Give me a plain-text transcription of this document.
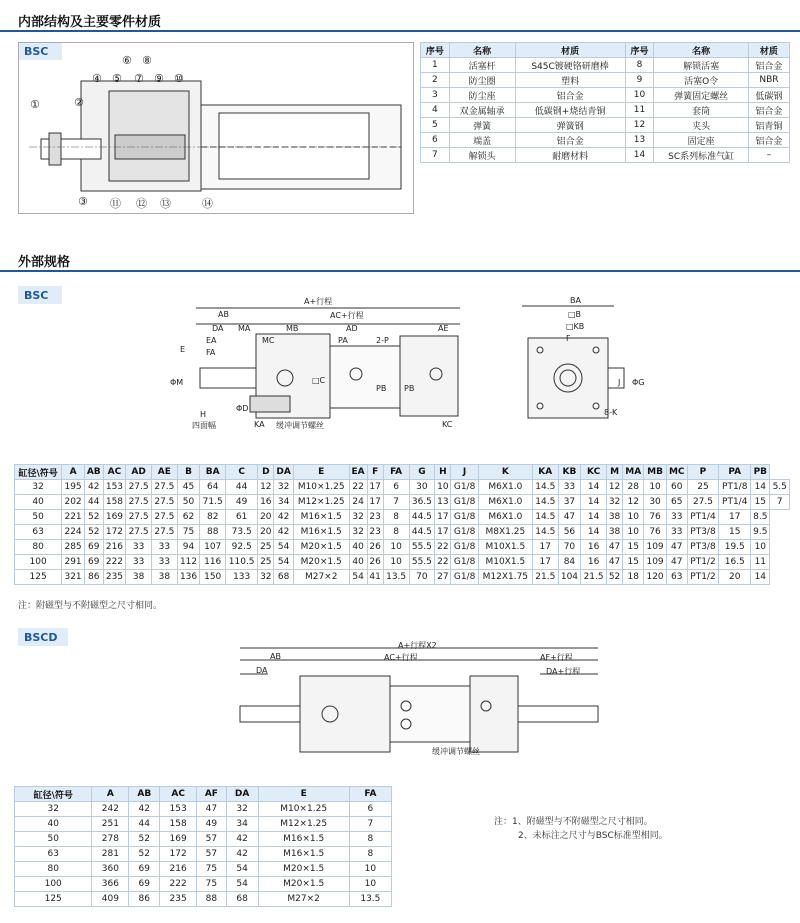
内部结构及主要零件材质
BSC
①	②
③
④ ⑤
⑥
⑦
⑧
⑨ ⑩
⑪ ⑫ ⑬	⑭
序号	名称	材质	序号	名称	材质
1	活塞杆	S45C镀硬铬研磨棒	8	解锁活塞	铝合金
2	防尘圈	塑料	9	活塞O令	NBR
3	防尘座	铝合金	10	弹簧固定螺丝	低碳钢
4	双金属轴承	低碳钢+烧结青铜	11	套筒	铝合金
5	弹簧	弹簧钢	12	夹头	铝青铜
6	端盖	铝合金	13	固定座	铝合金
7	解锁头	耐磨材料	14	SC系列标准气缸	–
外部规格
BSC	A+行程
AB	AC+行程
DA MA	MB	AD	AE
MC	PA	2-P
EA
FA
E
ΦM
ΦD
H
四面幅	KA 缓冲调节螺丝
□C
PB PB
KC
BA
□B
□KB
F
J ΦG
8-K
缸径\符号	A	AB	AC	AD	AE	B	BA	C	D	DA	E	EA	F	FA	G	H	J	K	KA	KB	KC	M	MA	MB	MC	P	PA	PB	
32	195	42	153	27.5	27.5	45	64	44	12	32	M10×1.25	22	17	6	30	10	G1/8	M6X1.0	14.5	33	14	12	28	10	60	25	PT1/8	14	5.5
40	202	44	158	27.5	27.5	50	71.5	49	16	34	M12×1.25	24	17	7	36.5	13	G1/8	M6X1.0	14.5	37	14	32	12	30	65	27.5	PT1/4	15	7
50	221	52	169	27.5	27.5	62	82	61	20	42	M16×1.5	32	23	8	44.5	17	G1/8	M6X1.0	14.5	47	14	38	10	76	33	PT1/4	17	8.5	
63	224	52	172	27.5	27.5	75	88	73.5	20	42	M16×1.5	32	23	8	44.5	17	G1/8	M8X1.25	14.5	56	14	38	10	76	33	PT3/8	15	9.5	
80	285	69	216	33	33	94	107	92.5	25	54	M20×1.5	40	26	10	55.5	22	G1/8	M10X1.5	17	70	16	47	15	109	47	PT3/8	19.5	10	
100	291	69	222	33	33	112	116	110.5	25	54	M20×1.5	40	26	10	55.5	22	G1/8	M10X1.5	17	84	16	47	15	109	47	PT1/2	16.5	11	
125	321	86	235	38	38	136	150	133	32	68	M27×2	54	41	13.5	70	27	G1/8	M12X1.75	21.5	104	21.5	52	18	120	63	PT1/2	20	14	
注：附磁型与不附磁型之尺寸相同。
BSCD
A+行程X2
AB	AC+行程	AF+行程
DA	DA+行程
缓冲调节螺丝
缸径\符号	A	AB	AC	AF	DA	E	FA
32	242	42	153	47	32	M10×1.25	6
40	251	44	158	49	34	M12×1.25	7
50	278	52	169	57	42	M16×1.5	8
63	281	52	172	57	42	M16×1.5	8
80	360	69	216	75	54	M20×1.5	10
100	366	69	222	75	54	M20×1.5	10
125	409	86	235	88	68	M27×2	13.5
注：1、附磁型与不附磁型之尺寸相同。
2、未标注之尺寸与BSC标准型相同。
